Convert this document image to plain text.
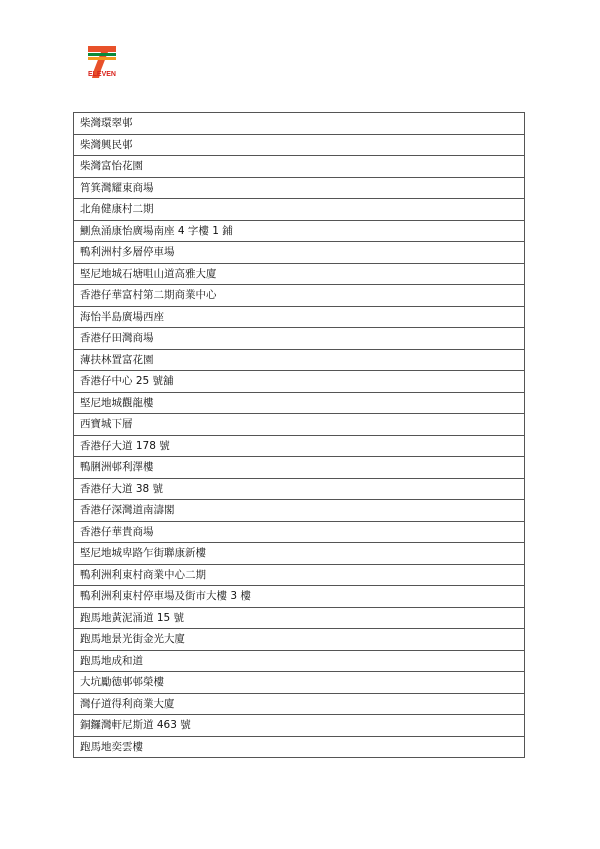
ELEVEN
柴灣環翠邨
柴灣興民邨
柴灣富怡花園
筲箕灣耀東商場
北角健康村二期
鰂魚涌康怡廣場南座 4 字樓 1 鋪
鴨利洲村多層停車場
堅尼地城石塘咀山道高雅大廈
香港仔華富村第二期商業中心
海怡半島廣場西座
香港仔田灣商場
薄扶林置富花園
香港仔中心 25 號舖
堅尼地城觀龍樓
西寶城下層
香港仔大道 178 號
鴨脷洲邨利澤樓
香港仔大道 38 號
香港仔深灣道南濤閣
香港仔華貴商場
堅尼地城卑路乍街聯康新樓
鴨利洲利東村商業中心二期
鴨利洲利東村停車場及街市大樓 3 樓
跑馬地黃泥涌道 15 號
跑馬地景光街金光大廈
跑馬地成和道
大坑勵德邨邨榮樓
灣仔道得利商業大廈
銅鑼灣軒尼斯道 463 號
跑馬地奕雲樓
